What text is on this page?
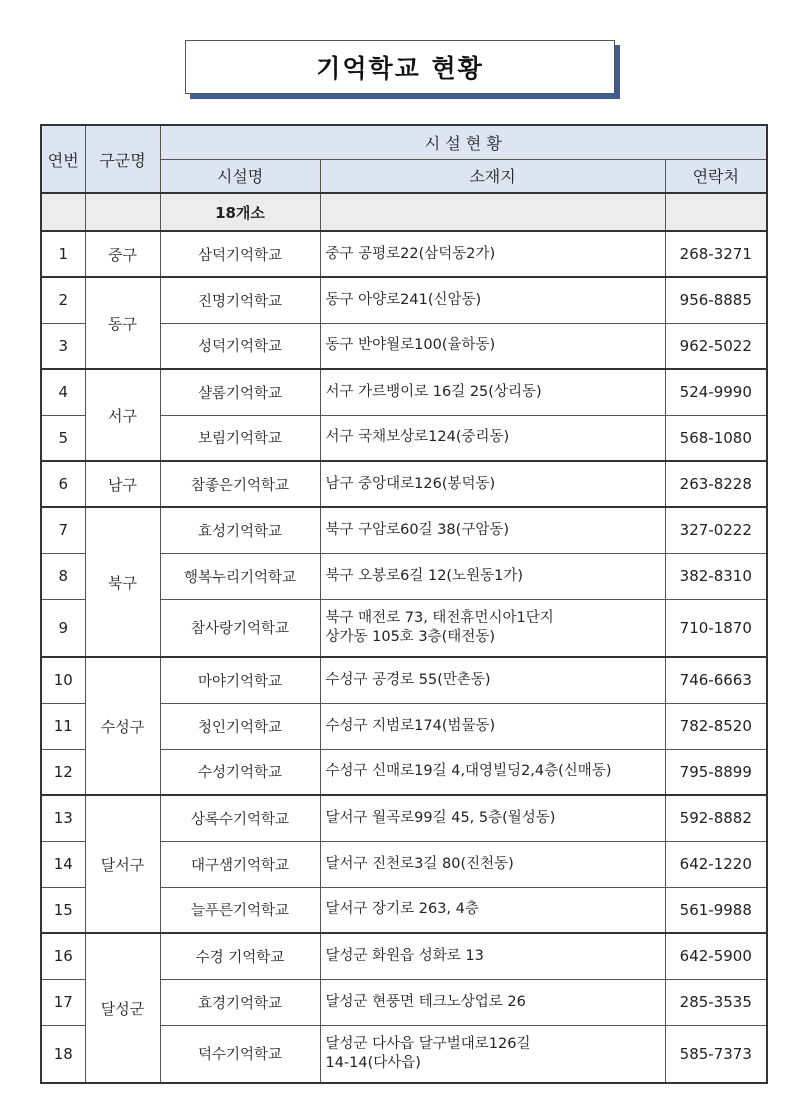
기억학교 현황
연번	구군명	시 설 현 황		
		시설명	소재지	연락처
		18개소		
1	중구	삼덕기억학교	중구 공평로22(삼덕동2가)	268-3271
2	동구	진명기억학교	동구 아양로241(신암동)	956-8885
3		성덕기억학교	동구 반야월로100(율하동)	962-5022
4	서구	샬롬기억학교	서구 가르뱅이로 16길 25(상리동)	524-9990
5		보림기억학교	서구 국채보상로124(중리동)	568-1080
6	남구	참좋은기억학교	남구 중앙대로126(봉덕동)	263-8228
7	북구	효성기억학교	북구 구암로60길 38(구암동)	327-0222
8		행복누리기억학교	북구 오봉로6길 12(노원동1가)	382-8310
9		참사랑기억학교	북구 매전로 73, 태전휴먼시아1단지
상가동 105호 3층(태전동)	710-1870
10	수성구	마야기억학교	수성구 공경로 55(만촌동)	746-6663
11		청인기억학교	수성구 지범로174(범물동)	782-8520
12		수성기억학교	수성구 신매로19길 4,대영빌딩2,4층(신매동)	795-8899
13	달서구	상록수기억학교	달서구 월곡로99길 45, 5층(월성동)	592-8882
14		대구샘기억학교	달서구 진천로3길 80(진천동)	642-1220
15		늘푸른기억학교	달서구 장기로 263, 4층	561-9988
16	달성군	수경 기억학교	달성군 화원읍 성화로 13	642-5900
17		효경기억학교	달성군 현풍면 테크노상업로 26	285-3535
18		덕수기억학교	달성군 다사읍 달구벌대로126길
14-14(다사읍)	585-7373
